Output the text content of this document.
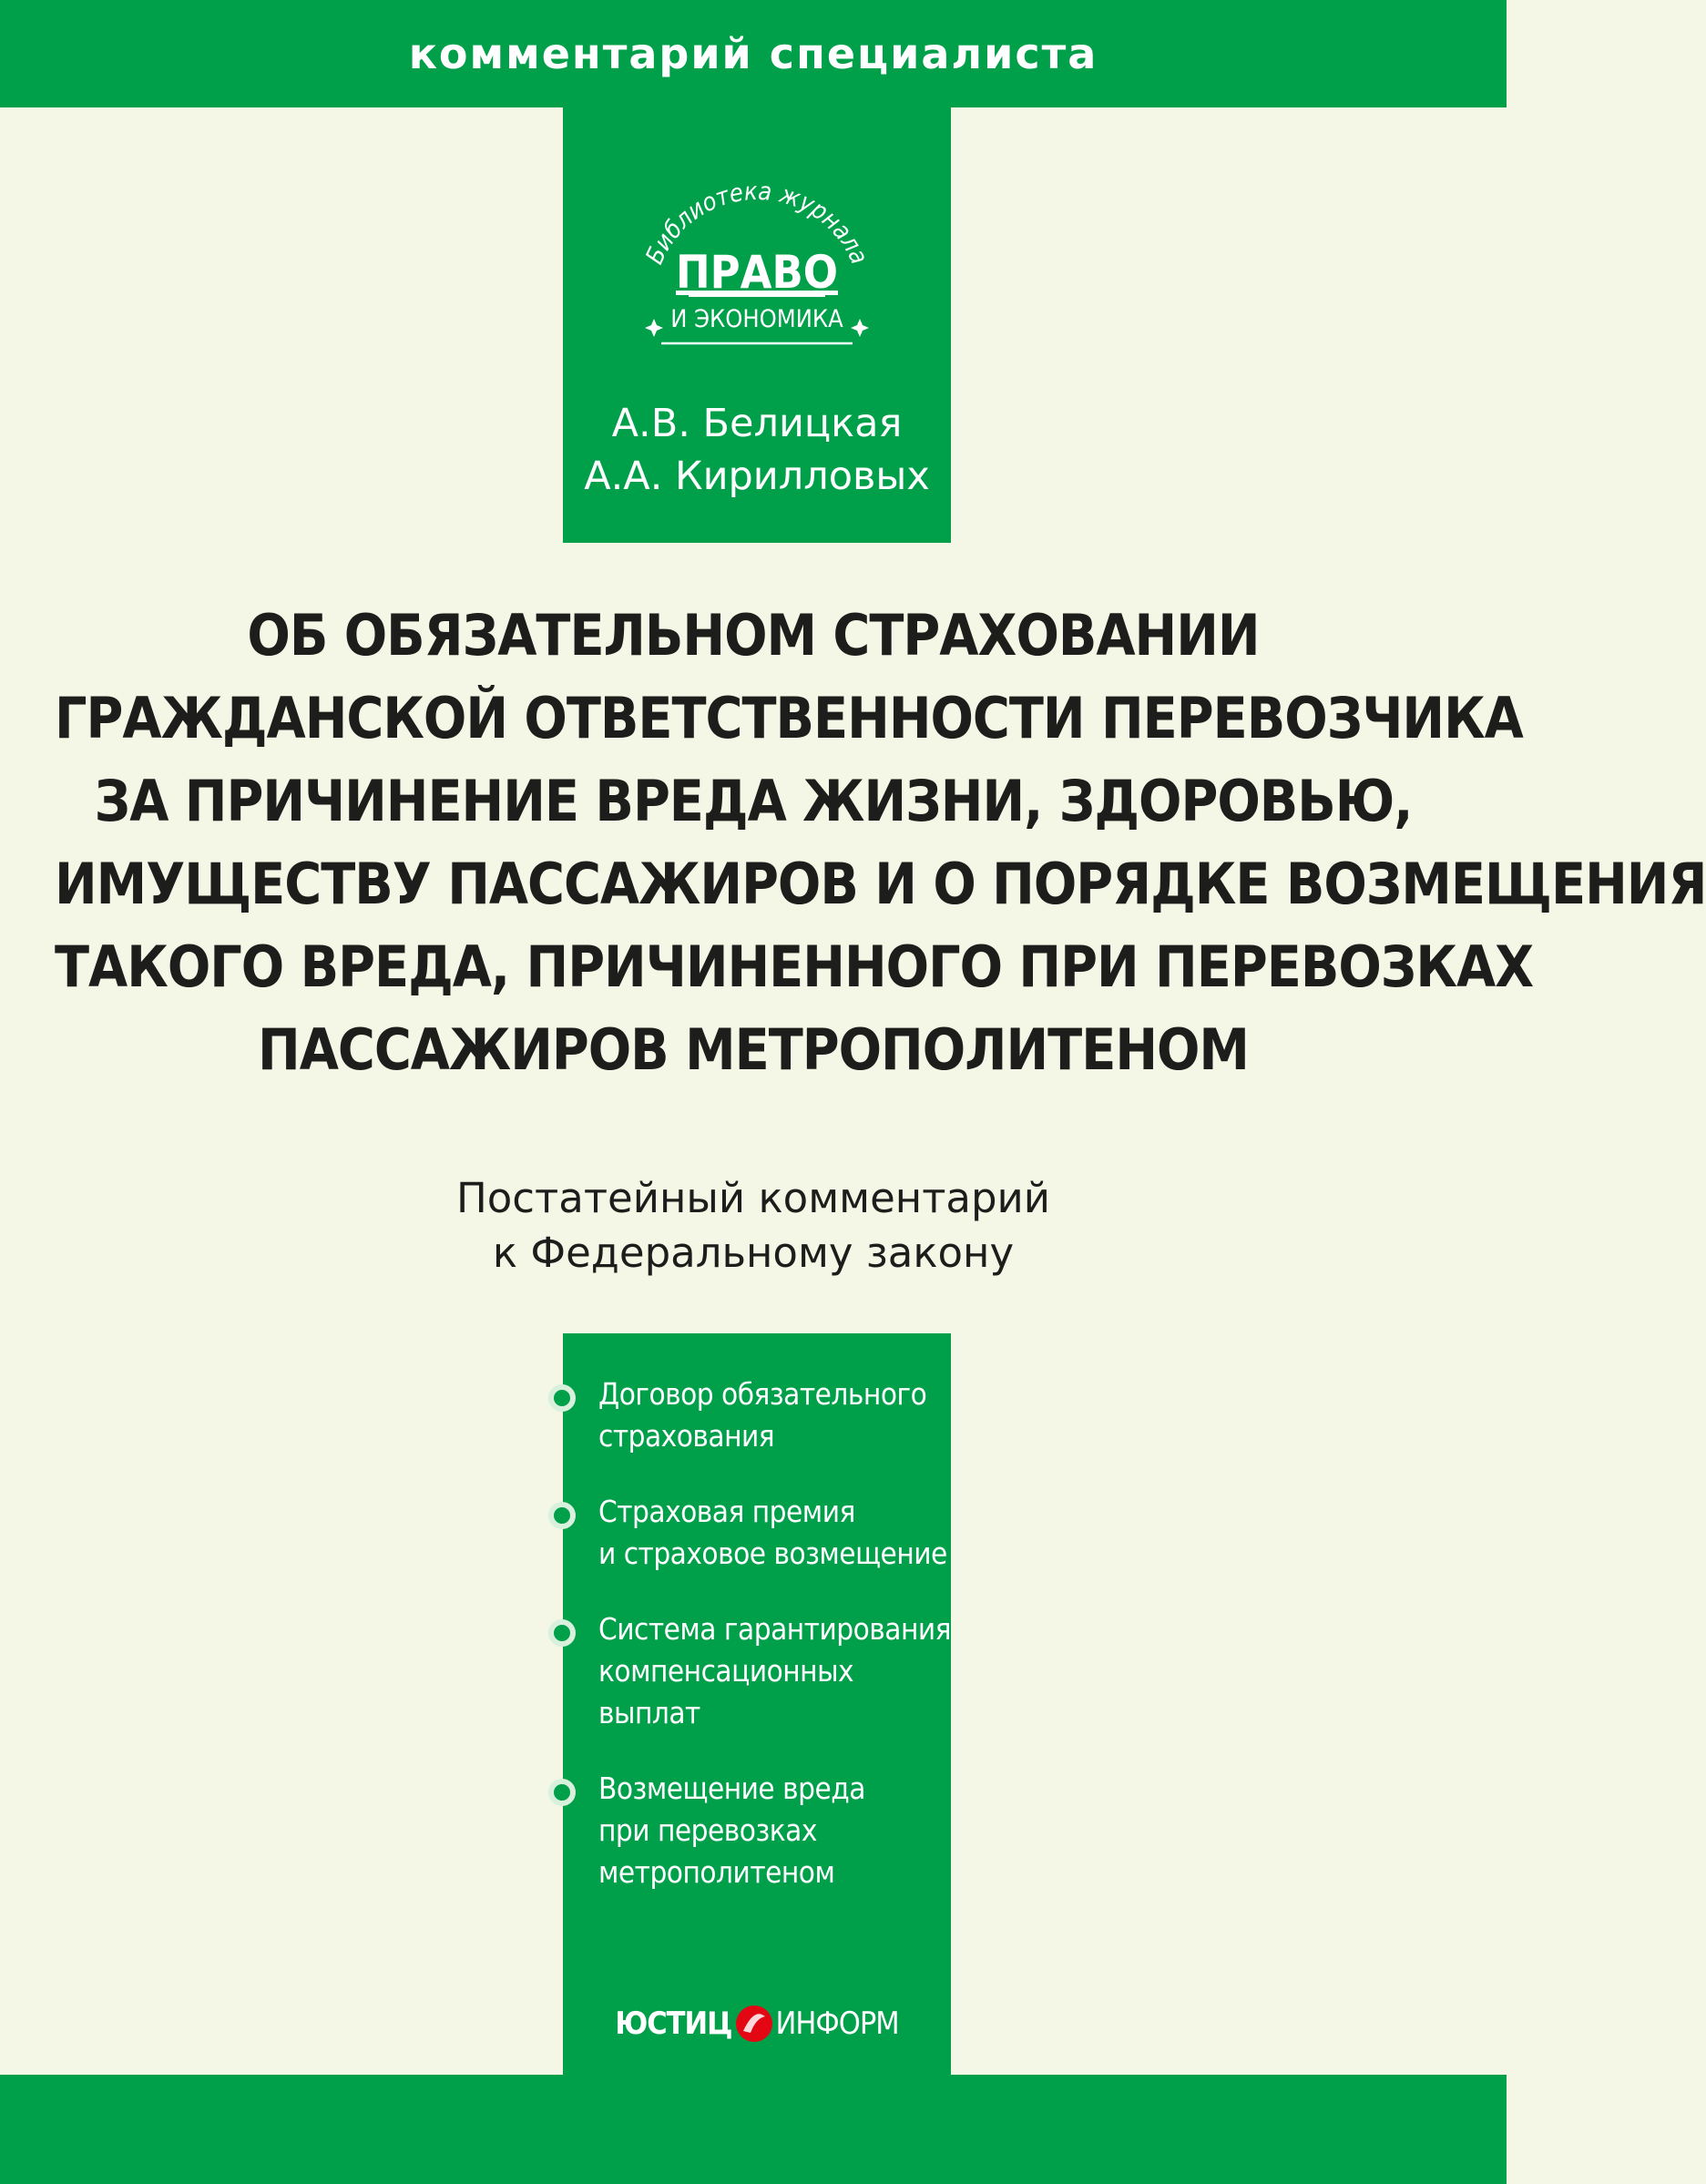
комментарий специалиста
Библиотека журнала
ПРАВО
И ЭКОНОМИКА
А.В. Белицкая
А.А. Кирилловых
ОБ ОБЯЗАТЕЛЬНОМ СТРАХОВАНИИ
ГРАЖДАНСКОЙ ОТВЕТСТВЕННОСТИ ПЕРЕВОЗЧИКА
ЗА ПРИЧИНЕНИЕ ВРЕДА ЖИЗНИ, ЗДОРОВЬЮ,
ИМУЩЕСТВУ ПАССАЖИРОВ И О ПОРЯДКЕ ВОЗМЕЩЕНИЯ
ТАКОГО ВРЕДА, ПРИЧИНЕННОГО ПРИ ПЕРЕВОЗКАХ
ПАССАЖИРОВ МЕТРОПОЛИТЕНОМ
Постатейный комментарий
к Федеральному закону
Договор обязательного
страхования
Страховая премия
и страховое возмещение
Система гарантирования
компенсационных
выплат
Возмещение вреда
при перевозках
метрополитеном
ЮСТИЦ ИНФОРМ
